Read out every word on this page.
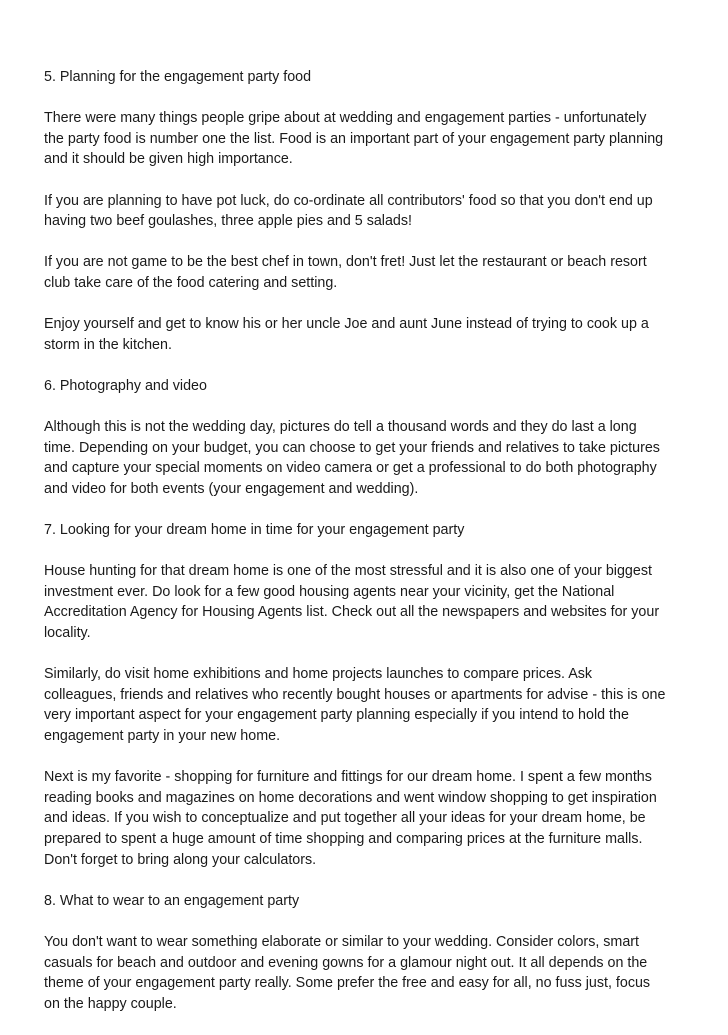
5. Planning for the engagement party food
There were many things people gripe about at wedding and engagement parties - unfortunately
the party food is number one the list. Food is an important part of your engagement party planning
and it should be given high importance.
If you are planning to have pot luck, do co-ordinate all contributors' food so that you don't end up
having two beef goulashes, three apple pies and 5 salads!
If you are not game to be the best chef in town, don't fret! Just let the restaurant or beach resort
club take care of the food catering and setting.
Enjoy yourself and get to know his or her uncle Joe and aunt June instead of trying to cook up a
storm in the kitchen.
6. Photography and video
Although this is not the wedding day, pictures do tell a thousand words and they do last a long
time. Depending on your budget, you can choose to get your friends and relatives to take pictures
and capture your special moments on video camera or get a professional to do both photography
and video for both events (your engagement and wedding).
7. Looking for your dream home in time for your engagement party
House hunting for that dream home is one of the most stressful and it is also one of your biggest
investment ever. Do look for a few good housing agents near your vicinity, get the National
Accreditation Agency for Housing Agents list. Check out all the newspapers and websites for your
locality.
Similarly, do visit home exhibitions and home projects launches to compare prices. Ask
colleagues, friends and relatives who recently bought houses or apartments for advise - this is one
very important aspect for your engagement party planning especially if you intend to hold the
engagement party in your new home.
Next is my favorite - shopping for furniture and fittings for our dream home. I spent a few months
reading books and magazines on home decorations and went window shopping to get inspiration
and ideas. If you wish to conceptualize and put together all your ideas for your dream home, be
prepared to spent a huge amount of time shopping and comparing prices at the furniture malls.
Don't forget to bring along your calculators.
8. What to wear to an engagement party
You don't want to wear something elaborate or similar to your wedding. Consider colors, smart
casuals for beach and outdoor and evening gowns for a glamour night out. It all depends on the
theme of your engagement party really. Some prefer the free and easy for all, no fuss just, focus
on the happy couple.
